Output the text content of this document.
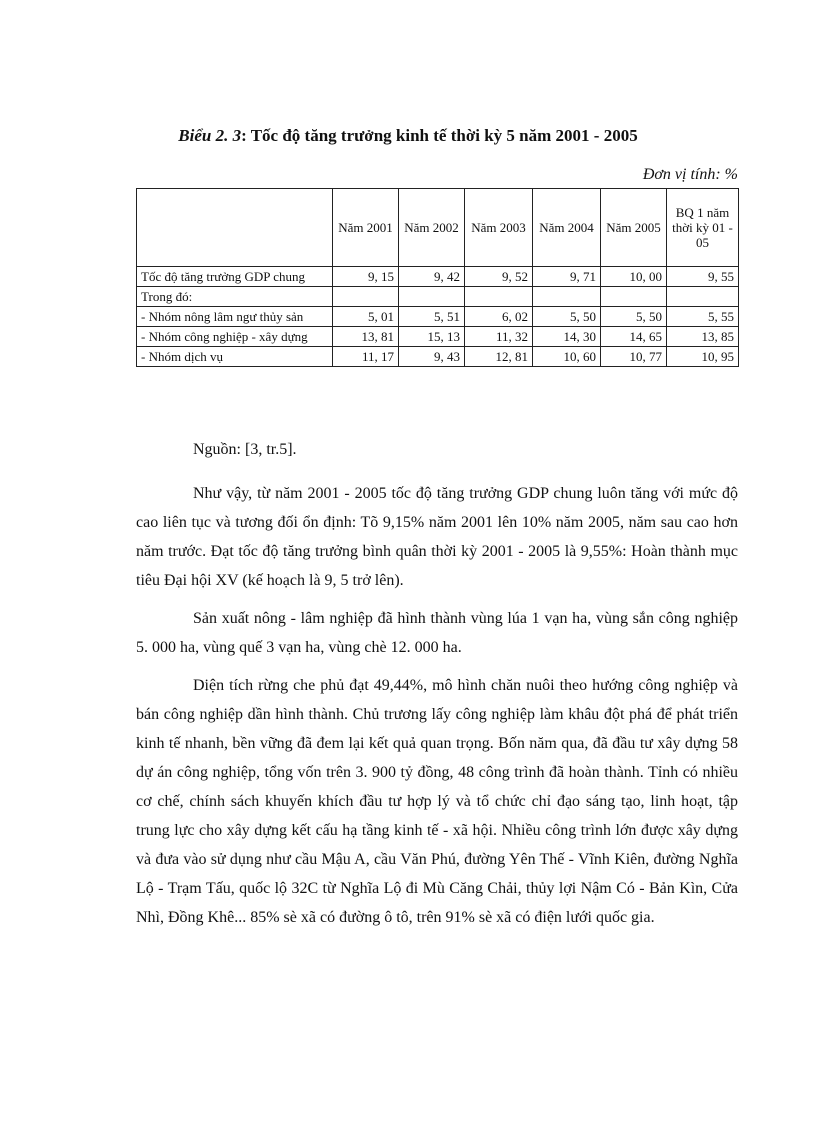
Biểu 2. 3: Tốc độ tăng trưởng kinh tế thời kỳ 5 năm 2001 - 2005
Đơn vị tính: %
	Năm 2001	Năm 2002	Năm 2003	Năm 2004	Năm 2005	BQ 1 năm thời kỳ 01 - 05
Tốc độ tăng trưởng GDP chung	9, 15	9, 42	9, 52	9, 71	10, 00	9, 55
Trong đó:						
- Nhóm nông lâm ngư thủy sản	5, 01	5, 51	6, 02	5, 50	5, 50	5, 55
- Nhóm công nghiệp - xây dựng	13, 81	15, 13	11, 32	14, 30	14, 65	13, 85
- Nhóm dịch vụ	11, 17	9, 43	12, 81	10, 60	10, 77	10, 95
Nguồn: [3, tr.5].

Như vậy, từ năm 2001 - 2005 tốc độ tăng trưởng GDP chung luôn tăng với mức độ cao liên tục và tương đối ổn định: Tõ 9,15% năm 2001 lên 10% năm 2005, năm sau cao hơn năm trước. Đạt tốc độ tăng trưởng bình quân thời kỳ 2001 - 2005 là 9,55%: Hoàn thành mục tiêu Đại hội XV (kế hoạch là 9, 5 trở lên).

Sản xuất nông - lâm nghiệp đã hình thành vùng lúa 1 vạn ha, vùng sắn công nghiệp 5. 000 ha, vùng quế 3 vạn ha, vùng chè 12. 000 ha.

Diện tích rừng che phủ đạt 49,44%, mô hình chăn nuôi theo hướng công nghiệp và bán công nghiệp dần hình thành. Chủ trương lấy công nghiệp làm khâu đột phá để phát triển kinh tế nhanh, bền vững đã đem lại kết quả quan trọng. Bốn năm qua, đã đầu tư xây dựng 58 dự án công nghiệp, tổng vốn trên 3. 900 tỷ đồng, 48 công trình đã hoàn thành. Tỉnh có nhiều cơ chế, chính sách khuyến khích đầu tư hợp lý và tổ chức chỉ đạo sáng tạo, linh hoạt, tập trung lực cho xây dựng kết cấu hạ tầng kinh tế - xã hội. Nhiều công trình lớn được xây dựng và đưa vào sử dụng như cầu Mậu A, cầu Văn Phú, đường Yên Thế - Vĩnh Kiên, đường Nghĩa Lộ - Trạm Tấu, quốc lộ 32C từ Nghĩa Lộ đi Mù Căng Chải, thủy lợi Nậm Có - Bản Kìn, Cửa Nhì, Đồng Khê... 85% sè xã có đường ô tô, trên 91% sè xã có điện lưới quốc gia.
